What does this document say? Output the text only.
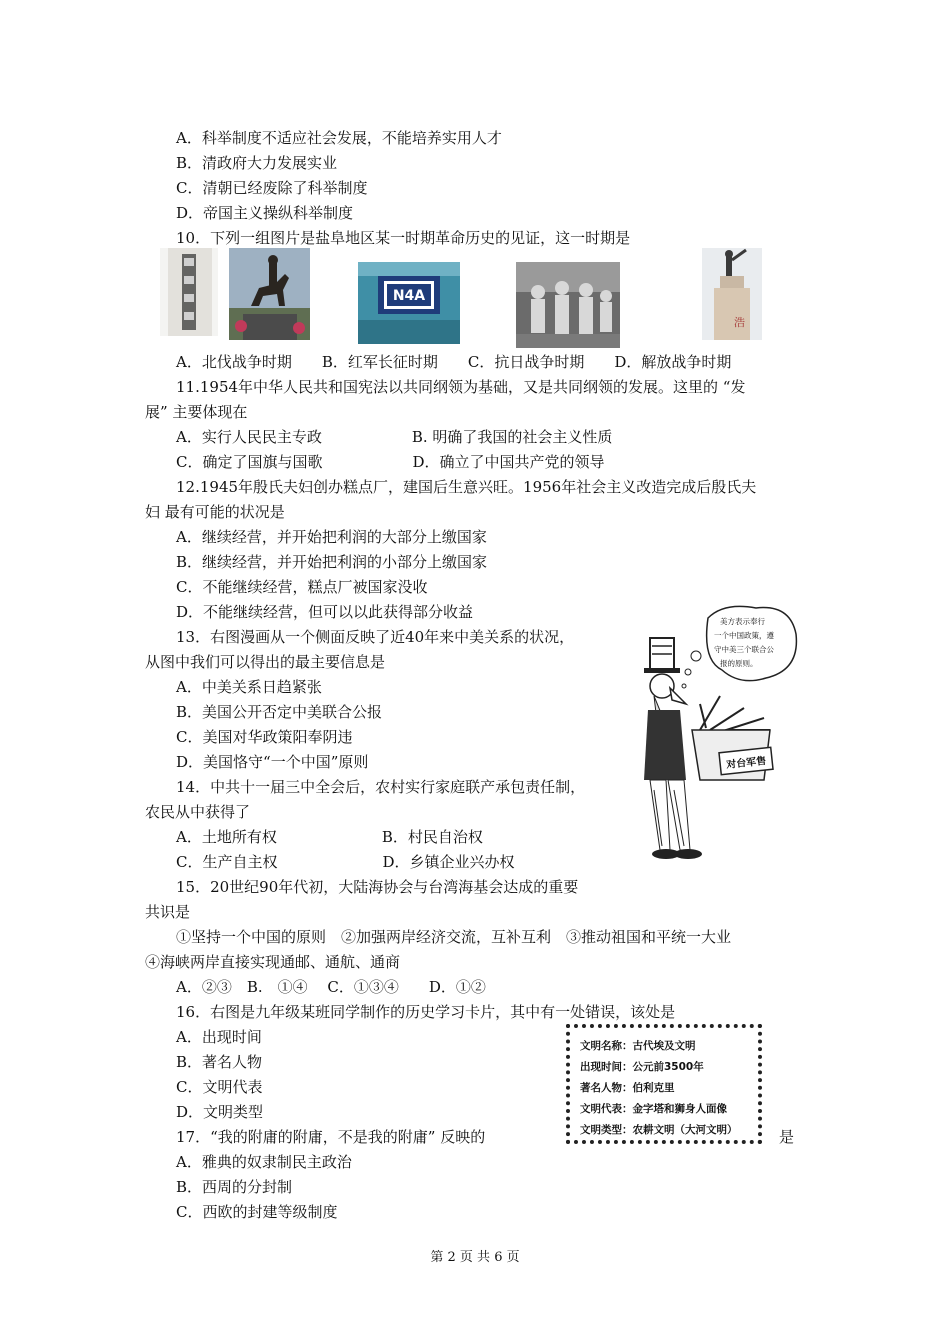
A．科举制度不适应社会发展，不能培养实用人才
B．清政府大力发展实业
C．清朝已经废除了科举制度
D．帝国主义操纵科举制度
10．下列一组图片是盐阜地区某一时期革命历史的见证，这一时期是
A．北伐战争时期　　B．红军长征时期　　C．抗日战争时期　　D．解放战争时期
11.1954年中华人民共和国宪法以共同纲领为基础，又是共同纲领的发展。这里的 “发
展” 主要体现在
A．实行人民民主专政　　　　　　B. 明确了我国的社会主义性质
C．确定了国旗与国歌　　　　　　D．确立了中国共产党的领导
12.1945年殷氏夫妇创办糕点厂，建国后生意兴旺。1956年社会主义改造完成后殷氏夫
妇 最有可能的状况是
A．继续经营，并开始把利润的大部分上缴国家
B．继续经营，并开始把利润的小部分上缴国家
C．不能继续经营，糕点厂被国家没收
D．不能继续经营，但可以以此获得部分收益
13．右图漫画从一个侧面反映了近40年来中美关系的状况，
从图中我们可以得出的最主要信息是
A．中美关系日趋紧张
B．美国公开否定中美联合公报
C．美国对华政策阳奉阴违
D．美国恪守“一个中国”原则
14．中共十一届三中全会后，农村实行家庭联产承包责任制，
农民从中获得了
A．土地所有权　　　　　　　B．村民自治权
C．生产自主权　　　　　　　D．乡镇企业兴办权
15．20世纪90年代初，大陆海协会与台湾海基会达成的重要
共识是
①坚持一个中国的原则　②加强两岸经济交流，互补互利　③推动祖国和平统一大业
④海峡两岸直接实现通邮、通航、通商
A．②③　B.　①④　 C．①③④　　D．①②
16．右图是九年级某班同学制作的历史学习卡片，其中有一处错误，该处是
A．出现时间
B．著名人物
C．文明代表
D．文明类型
17．“我的附庸的附庸，不是我的附庸” 反映的	是
A．雅典的奴隶制民主政治
B．西周的分封制
C．西欧的封建等级制度
N4A
浩
美方表示奉行
一个中国政策，遵
守中美三个联合公
报的原则。
对台军售
文明名称：古代埃及文明
出现时间：公元前3500年
著名人物：伯利克里
文明代表：金字塔和狮身人面像
文明类型：农耕文明（大河文明）
第 2 页 共 6 页
